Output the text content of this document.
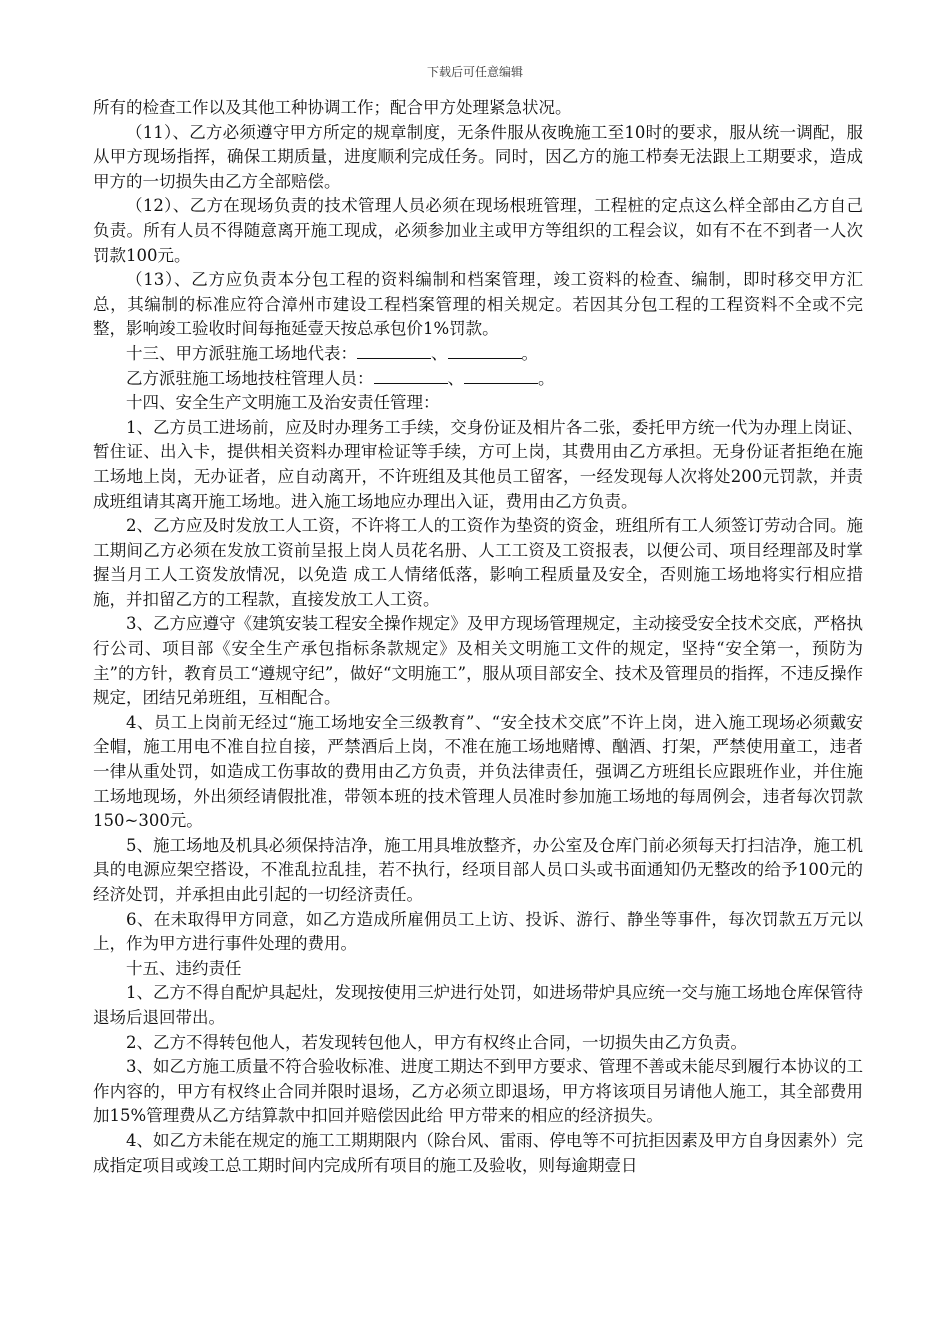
下载后可任意编辑

所有的检查工作以及其他工种协调工作；配合甲方处理紧急状况。

（11）、乙方必须遵守甲方所定的规章制度，无条件服从夜晚施工至10时的要求，服从统一调配，服从甲方现场指挥，确保工期质量，进度顺利完成任务。同时，因乙方的施工栉奏无法跟上工期要求，造成甲方的一切损失由乙方全部赔偿。

（12）、乙方在现场负责的技术管理人员必须在现场根班管理，工程桩的定点这么样全部由乙方自己负责。所有人员不得随意离开施工现成，必须参加业主或甲方等组织的工程会议，如有不在不到者一人次罚款100元。

（13）、乙方应负责本分包工程的资料编制和档案管理，竣工资料的检查、编制，即时移交甲方汇总，其编制的标准应符合漳州市建设工程档案管理的相关规定。若因其分包工程的工程资料不全或不完整，影响竣工验收时间每拖延壹天按总承包价1%罚款。

十三、甲方派驻施工场地代表：	、	。

乙方派驻施工场地技柱管理人员：	、	。

十四、安全生产文明施工及治安责任管理：

1、乙方员工进场前，应及时办理务工手续，交身份证及相片各二张，委托甲方统一代为办理上岗证、暂住证、出入卡，提供相关资料办理审检证等手续，方可上岗，其费用由乙方承担。无身份证者拒绝在施工场地上岗，无办证者，应自动离开，不许班组及其他员工留客，一经发现每人次将处200元罚款，并责成班组请其离开施工场地。进入施工场地应办理出入证，费用由乙方负责。

2、乙方应及时发放工人工资，不许将工人的工资作为垫资的资金，班组所有工人须签订劳动合同。施工期间乙方必须在发放工资前呈报上岗人员花名册、人工工资及工资报表，以便公司、项目经理部及时掌握当月工人工资发放情况，以免造 成工人情绪低落，影响工程质量及安全，否则施工场地将实行相应措施，并扣留乙方的工程款，直接发放工人工资。

3、乙方应遵守《建筑安装工程安全操作规定》及甲方现场管理规定，主动接受安全技术交底，严格执行公司、项目部《安全生产承包指标条款规定》及相关文明施工文件的规定，坚持“安全第一，预防为主”的方针，教育员工“遵规守纪”，做好“文明施工”，服从项目部安全、技术及管理员的指挥，不违反操作规定，团结兄弟班组，互相配合。

4、员工上岗前无经过“施工场地安全三级教育”、“安全技术交底”不许上岗，进入施工现场必须戴安全帽，施工用电不准自拉自接，严禁酒后上岗，不准在施工场地赌博、酗酒、打架，严禁使用童工，违者一律从重处罚，如造成工伤事故的费用由乙方负责，并负法律责任，强调乙方班组长应跟班作业，并住施工场地现场，外出须经请假批准，带领本班的技术管理人员准时参加施工场地的每周例会，违者每次罚款150~300元。

5、施工场地及机具必须保持洁净，施工用具堆放整齐，办公室及仓库门前必须每天打扫洁净，施工机具的电源应架空搭设，不准乱拉乱挂，若不执行，经项目部人员口头或书面通知仍无整改的给予100元的经济处罚，并承担由此引起的一切经济责任。

6、在未取得甲方同意，如乙方造成所雇佣员工上访、投诉、游行、静坐等事件，每次罚款五万元以上，作为甲方进行事件处理的费用。

十五、违约责任

1、乙方不得自配炉具起灶，发现按使用三炉进行处罚，如进场带炉具应统一交与施工场地仓库保管待退场后退回带出。

2、乙方不得转包他人，若发现转包他人，甲方有权终止合同，一切损失由乙方负责。

3、如乙方施工质量不符合验收标准、进度工期达不到甲方要求、管理不善或未能尽到履行本协议的工作内容的，甲方有权终止合同并限时退场，乙方必须立即退场，甲方将该项目另请他人施工，其全部费用加15%管理费从乙方结算款中扣回并赔偿因此给 甲方带来的相应的经济损失。

4、如乙方未能在规定的施工工期期限内（除台风、雷雨、停电等不可抗拒因素及甲方自身因素外）完成指定项目或竣工总工期时间内完成所有项目的施工及验收，则每逾期壹日
